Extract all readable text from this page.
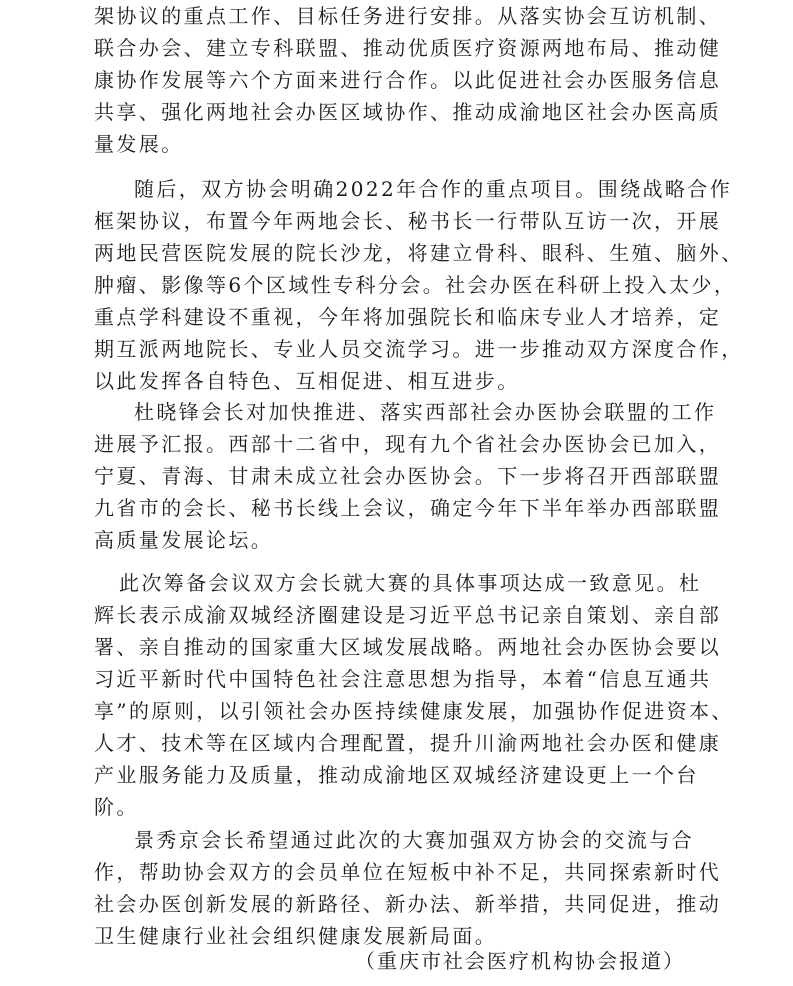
架协议的重点工作、目标任务进行安排。从落实协会互访机制、
联合办会、建立专科联盟、推动优质医疗资源两地布局、推动健
康协作发展等六个方面来进行合作。以此促进社会办医服务信息
共享、强化两地社会办医区域协作、推动成渝地区社会办医高质
量发展。
随后，双方协会明确2022年合作的重点项目。围绕战略合作
框架协议，布置今年两地会长、秘书长一行带队互访一次，开展
两地民营医院发展的院长沙龙，将建立骨科、眼科、生殖、脑外、
肿瘤、影像等6个区域性专科分会。社会办医在科研上投入太少，
重点学科建设不重视，今年将加强院长和临床专业人才培养，定
期互派两地院长、专业人员交流学习。进一步推动双方深度合作，
以此发挥各自特色、互相促进、相互进步。
杜晓锋会长对加快推进、落实西部社会办医协会联盟的工作
进展予汇报。西部十二省中，现有九个省社会办医协会已加入，
宁夏、青海、甘肃未成立社会办医协会。下一步将召开西部联盟
九省市的会长、秘书长线上会议，确定今年下半年举办西部联盟
高质量发展论坛。
此次筹备会议双方会长就大赛的具体事项达成一致意见。杜
辉长表示成渝双城经济圈建设是习近平总书记亲自策划、亲自部
署、亲自推动的国家重大区域发展战略。两地社会办医协会要以
习近平新时代中国特色社会注意思想为指导，本着“信息互通共
享”的原则，以引领社会办医持续健康发展，加强协作促进资本、
人才、技术等在区域内合理配置，提升川渝两地社会办医和健康
产业服务能力及质量，推动成渝地区双城经济建设更上一个台
阶。
景秀京会长希望通过此次的大赛加强双方协会的交流与合
作，帮助协会双方的会员单位在短板中补不足，共同探索新时代
社会办医创新发展的新路径、新办法、新举措，共同促进，推动
卫生健康行业社会组织健康发展新局面。
（重庆市社会医疗机构协会报道）
